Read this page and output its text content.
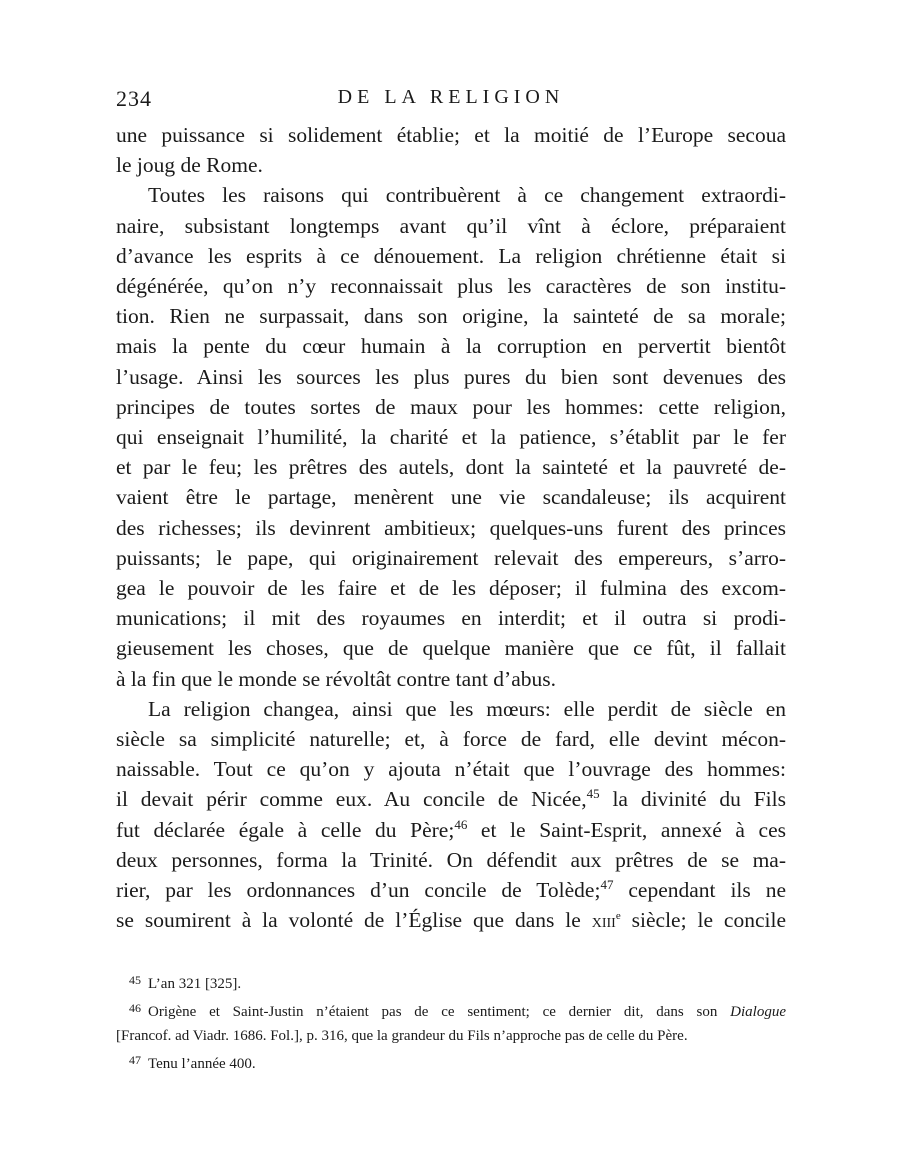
234	DE LA RELIGION

une puissance si solidement établie; et la moitié de l’Europe secoua
le joug de Rome.

Toutes les raisons qui contribuèrent à ce changement extraordi-
naire, subsistant longtemps avant qu’il vînt à éclore, préparaient
d’avance les esprits à ce dénouement. La religion chrétienne était si
dégénérée, qu’on n’y reconnaissait plus les caractères de son institu-
tion. Rien ne surpassait, dans son origine, la sainteté de sa morale;
mais la pente du cœur humain à la corruption en pervertit bientôt
l’usage. Ainsi les sources les plus pures du bien sont devenues des
principes de toutes sortes de maux pour les hommes: cette religion,
qui enseignait l’humilité, la charité et la patience, s’établit par le fer
et par le feu; les prêtres des autels, dont la sainteté et la pauvreté de-
vaient être le partage, menèrent une vie scandaleuse; ils acquirent
des richesses; ils devinrent ambitieux; quelques-uns furent des princes
puissants; le pape, qui originairement relevait des empereurs, s’arro-
gea le pouvoir de les faire et de les déposer; il fulmina des excom-
munications; il mit des royaumes en interdit; et il outra si prodi-
gieusement les choses, que de quelque manière que ce fût, il fallait
à la fin que le monde se révoltât contre tant d’abus.

La religion changea, ainsi que les mœurs: elle perdit de siècle en
siècle sa simplicité naturelle; et, à force de fard, elle devint mécon-
naissable. Tout ce qu’on y ajouta n’était que l’ouvrage des hommes:
il devait périr comme eux. Au concile de Nicée,$^{45}$ la divinité du Fils
fut déclarée égale à celle du Père;$^{46}$ et le Saint-Esprit, annexé à ces
deux personnes, forma la Trinité. On défendit aux prêtres de se ma-
rier, par les ordonnances d’un concile de Tolède;$^{47}$ cependant ils ne
se soumirent à la volonté de l’Église que dans le xiii$^e$ siècle; le concile

$^{45}$ L’an 321 [325].
$^{46}$ Origène et Saint-Justin n’étaient pas de ce sentiment; ce dernier dit, dans son Dialogue
[Francof. ad Viadr. 1686. Fol.], p. 316, que la grandeur du Fils n’approche pas de celle du Père.
$^{47}$ Tenu l’année 400.
